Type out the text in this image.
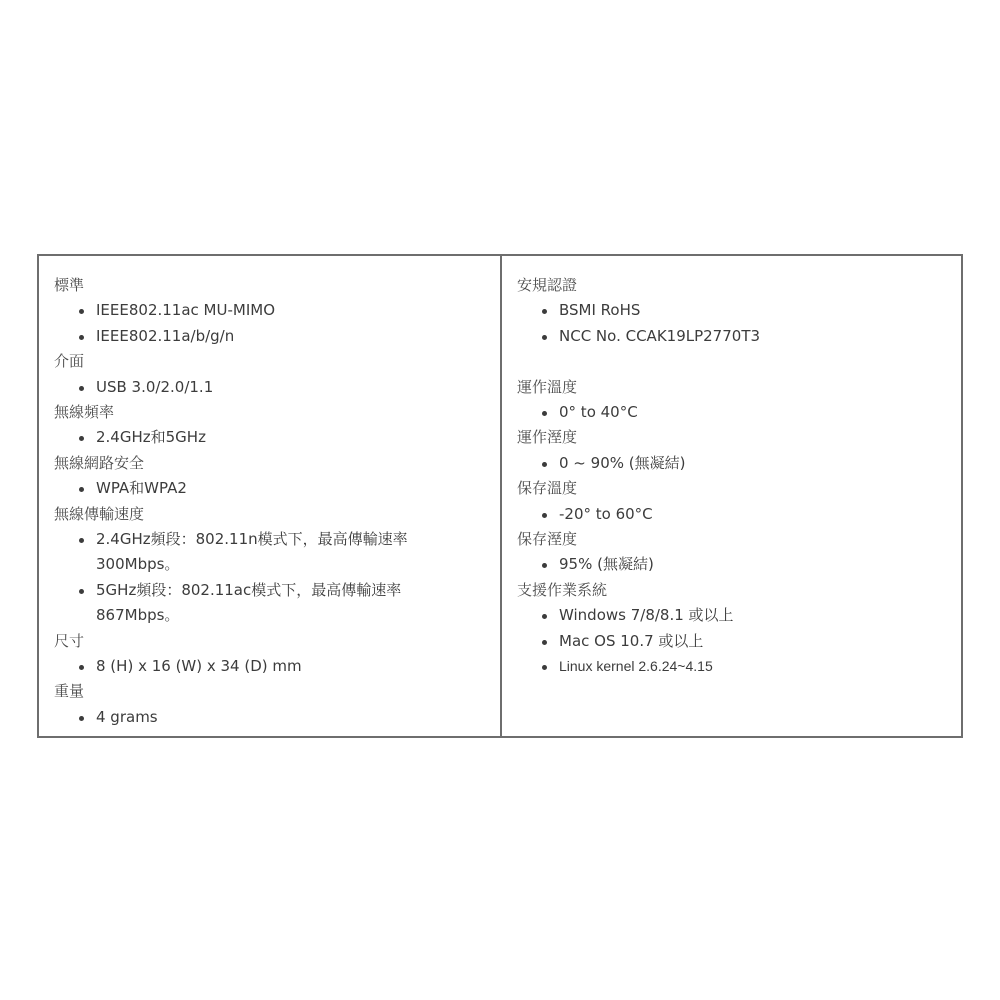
標準
IEEE802.11ac MU-MIMO
IEEE802.11a/b/g/n
介面
USB 3.0/2.0/1.1
無線頻率
2.4GHz和5GHz
無線網路安全
WPA和WPA2
無線傳輸速度
2.4GHz頻段：802.11n模式下，最高傳輸速率300Mbps。
5GHz頻段：802.11ac模式下，最高傳輸速率867Mbps。
尺寸
8 (H) x 16 (W) x 34 (D) mm
重量
4 grams
安規認證
BSMI RoHS
NCC No. CCAK19LP2770T3
運作溫度
0° to 40°C
運作溼度
0 ~ 90% (無凝結)
保存溫度
-20° to 60°C
保存溼度
95% (無凝結)
支援作業系統
Windows 7/8/8.1 或以上
Mac OS 10.7 或以上
Linux kernel 2.6.24~4.15
